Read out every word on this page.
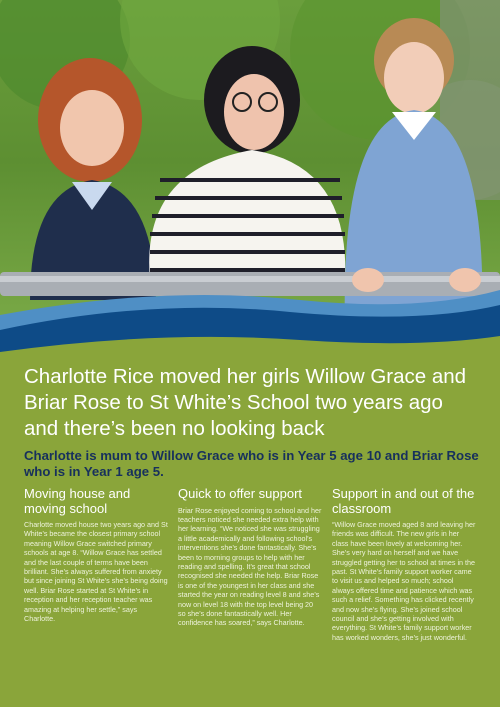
Charlotte Rice moved her girls Willow Grace and Briar Rose to St White’s School two years ago and there’s been no looking back

Charlotte is mum to Willow Grace who is in Year 5 age 10 and Briar Rose who is in Year 1 age 5.

Moving house and moving school

Charlotte moved house two years ago and St White’s became the closest primary school meaning Willow Grace switched primary schools at age 8. “Willow Grace has settled and the last couple of terms have been brilliant. She’s always suffered from anxiety but since joining St White’s she’s being doing well. Briar Rose started at St White’s in reception and her reception teacher was amazing at helping her settle,” says Charlotte.

Quick to offer support

Briar Rose enjoyed coming to school and her teachers noticed she needed extra help with her learning. “We noticed she was struggling a little academically and following school’s interventions she’s done fantastically. She’s been to morning groups to help with her reading and spelling. It’s great that school recognised she needed the help. Briar Rose is one of the youngest in her class and she started the year on reading level 8 and she’s now on level 18 with the top level being 20 so she’s done fantastically well. Her confidence has soared,” says Charlotte.

Support in and out of the classroom

“Willow Grace moved aged 8 and leaving her friends was difficult. The new girls in her class have been lovely at welcoming her. She’s very hard on herself and we have struggled getting her to school at times in the past. St White’s family support worker came to visit us and helped so much; school always offered time and patience which was such a relief. Something has clicked recently and now she’s flying. She’s joined school council and she’s getting involved with everything. St White’s family support worker has worked wonders, she’s just wonderful.
